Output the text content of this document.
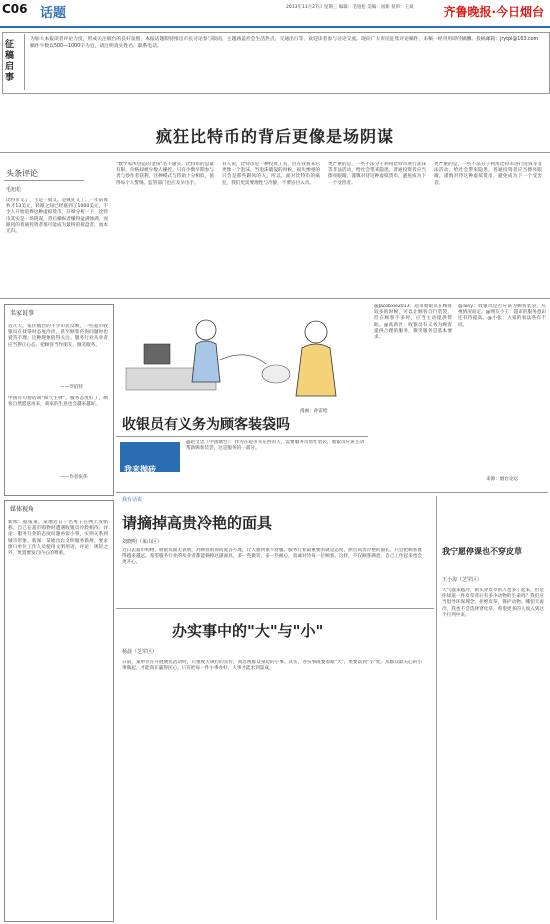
C06 话题	2013年11月27日 星期三 编辑：毛旭松 美编：国新 复审：王斌	齐鲁晚报·今日烟台
征稿启事
为加大本报读者评论力度，形成关注烟台的良好氛围，本报话题版特推出市民讨论参与版面，主题涵盖社会生活热点、交通出行等，欢迎读者参与讨论交流。现向广大市民征集评论稿件，来稿一经刊用即付稿酬。投稿邮箱：jrytpl@163.com 稿件字数以500—1000字为宜，请注明真实姓名、联系电话。
疯狂比特币的背后更像是场阴谋
头条评论
毛旭松
比特币又了，不是一般又，是疯狂又了。一年前每枚才13美元，转眼之间已经涨到了1000美元，不少人开始追捧这种虚拟货币。仔细分析一下，比特币其实是一场阴谋，背后操纵者赚得盆满钵满，而跟风的普通投资者很可能成为最终的接盘者，血本无归。
"数学家所创造的金钱"名不副实。比特币的总量有限，价格却被少数人操控。只有少数早期参与者与炒作者获利，这种模式与传销十分相似，值得每个人警惕。监管部门也应及早出手。
有人说，比特币是一种投资工具，但在我看来它更像一个泡沫。当泡沫破裂的时候，损失惨重的只会是那些跟风的人。所以，面对比特币的疯狂，我们更需要理性与冷静，不要盲目入市。
更严重的是，一些不法分子利用比特币进行洗钱等非法活动，给社会带来隐患。普通投资者应当擦亮眼睛，谨慎对待这种虚拟货币，避免成为下一个受害者。
更严重的是，一些不法分子利用比特币进行洗钱等非法活动，给社会带来隐患。普通投资者应当擦亮眼睛，谨慎对待这种虚拟货币，避免成为下一个受害者。
名家说事
近几天，家住烟台的不少市民反映，一些超市收银员在找零时态度冷淡，甚至顾客咨询问题时也爱答不理。这种现象值得关注。服务行业从业者应当摆正心态，把顾客当作朋友，微笑服务。
——罗伯特
中国有句俗话叫"和气生财"。服务态度好了，顾客自然愿意再来，商家的生意也会越来越好。
——作者张伟
媒体视角
新闻：据报道，某地近日一名男子在网上发帖称，自己在超市购物时遭遇收银员冷脸相待。评论：服务行业的态度问题看似小事，实则关系到城市形象。新闻：某地出台文明服务新规，要求窗口单位工作人员使用文明用语。评论：规矩之外，更需要发自内心的尊重。
漫画：孙雷绘
收银员有义务为顾客装袋吗
我来抛砖
@赵文忠（中国烟台）：作为在超市买东西的人，需要服务员帮忙装袋，收银员应该主动帮助顾客装袋，这是服务的一部分。
@Jacobxie2013：超市收银员在顾客较多的时候，可以让顾客自行装袋，但在顾客不多时，应当主动提供帮助。@高新区：收银员有义务为顾客提供合理的服务，微笑服务是基本要求。
@Tony：收银员是否应该为顾客装袋，应视情况而定。@网友小王：超市的服务意识还有待提高。@小张：大家的看法各有不同。
来源：烟台论坛
我有话说
请摘掉高贵冷艳的面具
刘晓明（莱山区）
近日去超市购物，收银员面无表情，对顾客的询问爱答不理，让人感到很不舒服。服务行业最重要的就是态度，摆出高贵冷艳的面孔，只会把顾客推得越来越远。希望服务行业的从业者都能摘掉这副面具，多一些微笑，多一些耐心，真诚对待每一位顾客。这样，不仅顾客满意，自己工作起来也会更开心。
办实事中的"大"与"小"
杨晨（芝罘区）
日前，某单位在开展便民活动时，只重视大项目的宣传，而忽视群众身边的小事。其实，办实事既要着眼"大"，更要落到"小"处。从群众最关心的小事做起，才能真正赢得民心。只有把每一件小事办好，大事才能水到渠成。
我宁愿停课也不穿皮草
王小海（芝罘区）
天气越来越冷，街头穿皮草的人也多了起来。但是你知道一件皮草背后有多少动物的生命吗？我们应当倡导环保理念，拒绝皮草，保护动物。哪怕天再冷，我也不会选择穿皮草，希望更多的人加入到这个行列中来。
